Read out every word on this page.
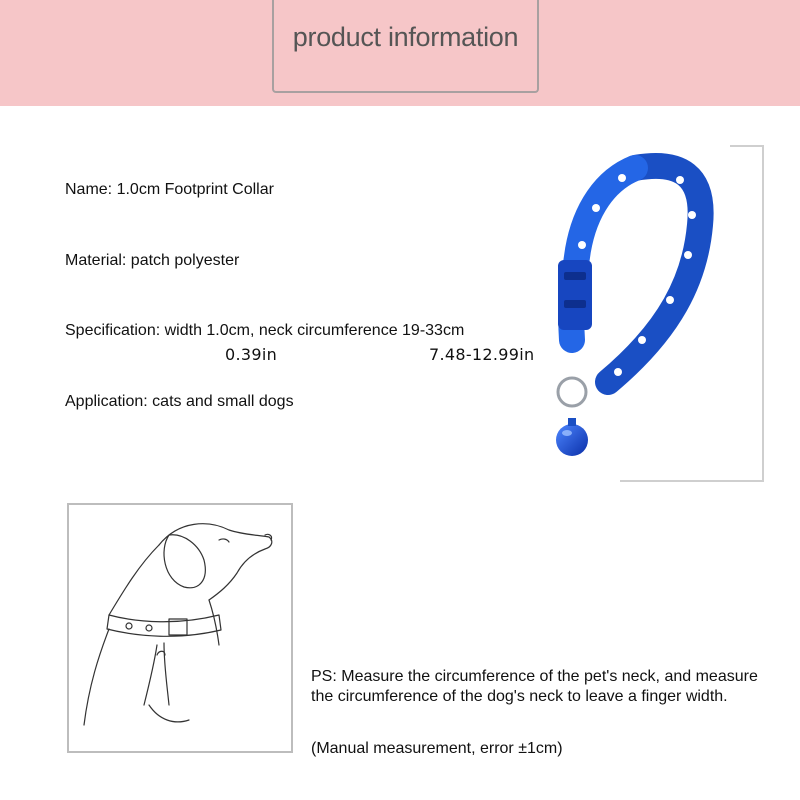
product information
Name: 1.0cm Footprint Collar
Material: patch polyester
Specification: width 1.0cm, neck circumference 19-33cm
0.39in	7.48-12.99in
Application: cats and small dogs
PS: Measure the circumference of the pet's neck, and measure the circumference of the dog's neck to leave a finger width.
(Manual measurement, error ±1cm)
